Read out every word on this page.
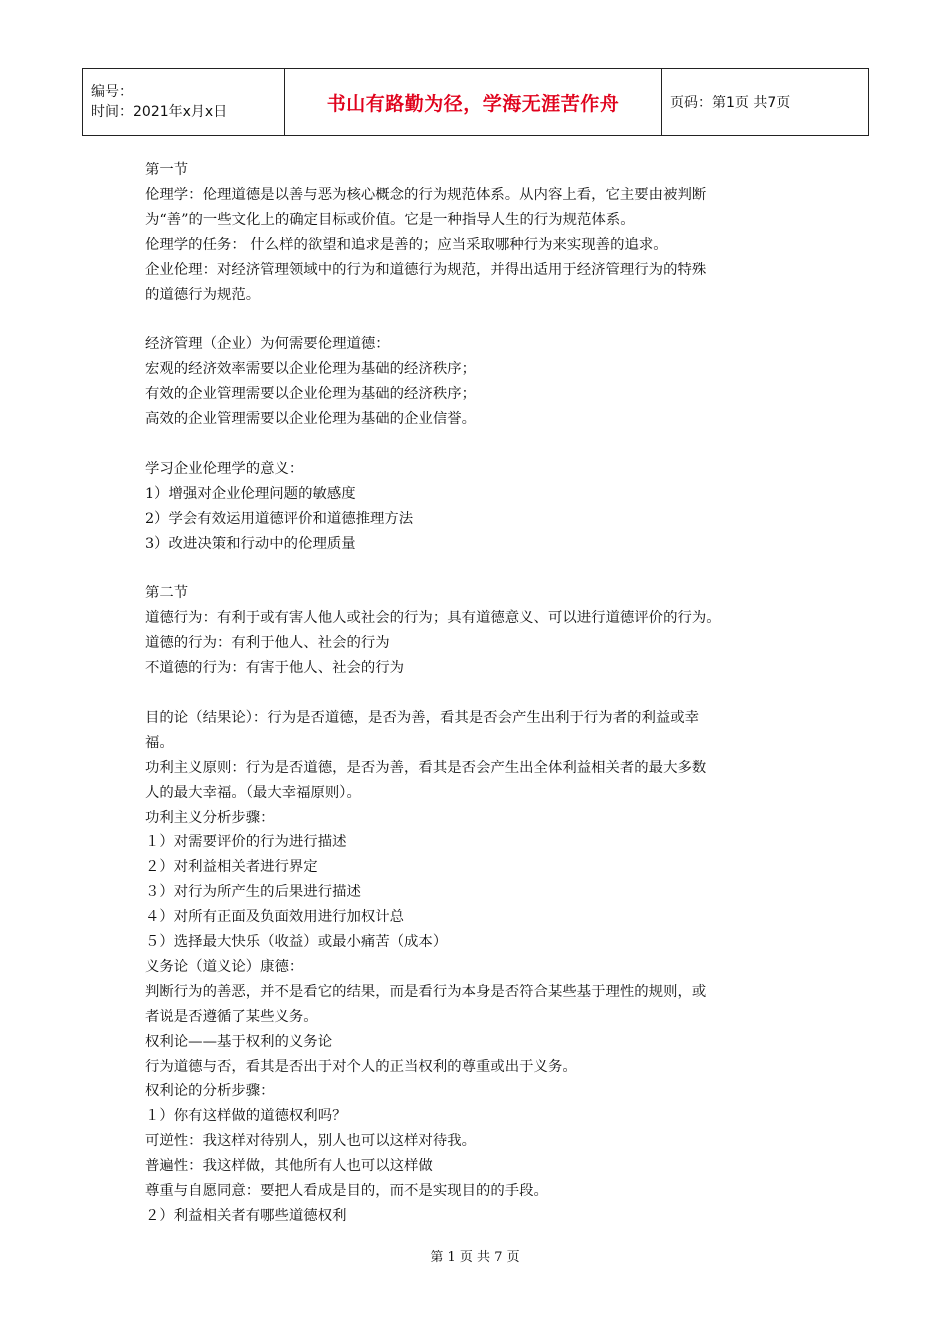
编号：
时间：2021年x月x日	书山有路勤为径，学海无涯苦作舟	页码：第1页 共7页
第一节
伦理学：伦理道德是以善与恶为核心概念的行为规范体系。从内容上看，它主要由被判断
为“善”的一些文化上的确定目标或价值。它是一种指导人生的行为规范体系。
伦理学的任务： 什么样的欲望和追求是善的；应当采取哪种行为来实现善的追求。
企业伦理：对经济管理领域中的行为和道德行为规范，并得出适用于经济管理行为的特殊
的道德行为规范。
经济管理（企业）为何需要伦理道德：
宏观的经济效率需要以企业伦理为基础的经济秩序；
有效的企业管理需要以企业伦理为基础的经济秩序；
高效的企业管理需要以企业伦理为基础的企业信誉。
学习企业伦理学的意义：
1）增强对企业伦理问题的敏感度
2）学会有效运用道德评价和道德推理方法
3）改进决策和行动中的伦理质量
第二节
道德行为：有利于或有害人他人或社会的行为；具有道德意义、可以进行道德评价的行为。
道德的行为：有利于他人、社会的行为
不道德的行为：有害于他人、社会的行为
目的论（结果论）：行为是否道德，是否为善，看其是否会产生出利于行为者的利益或幸
福。
功利主义原则：行为是否道德，是否为善，看其是否会产生出全体利益相关者的最大多数
人的最大幸福。（最大幸福原则）。
功利主义分析步骤：
１）对需要评价的行为进行描述
２）对利益相关者进行界定
３）对行为所产生的后果进行描述
４）对所有正面及负面效用进行加权计总
５）选择最大快乐（收益）或最小痛苦（成本）
义务论（道义论）康德：
判断行为的善恶，并不是看它的结果，而是看行为本身是否符合某些基于理性的规则，或
者说是否遵循了某些义务。
权利论——基于权利的义务论
行为道德与否，看其是否出于对个人的正当权利的尊重或出于义务。
权利论的分析步骤：
１）你有这样做的道德权利吗？
可逆性：我这样对待别人，别人也可以这样对待我。
普遍性：我这样做，其他所有人也可以这样做
尊重与自愿同意：要把人看成是目的，而不是实现目的的手段。
２）利益相关者有哪些道德权利
第 1 页 共 7 页
